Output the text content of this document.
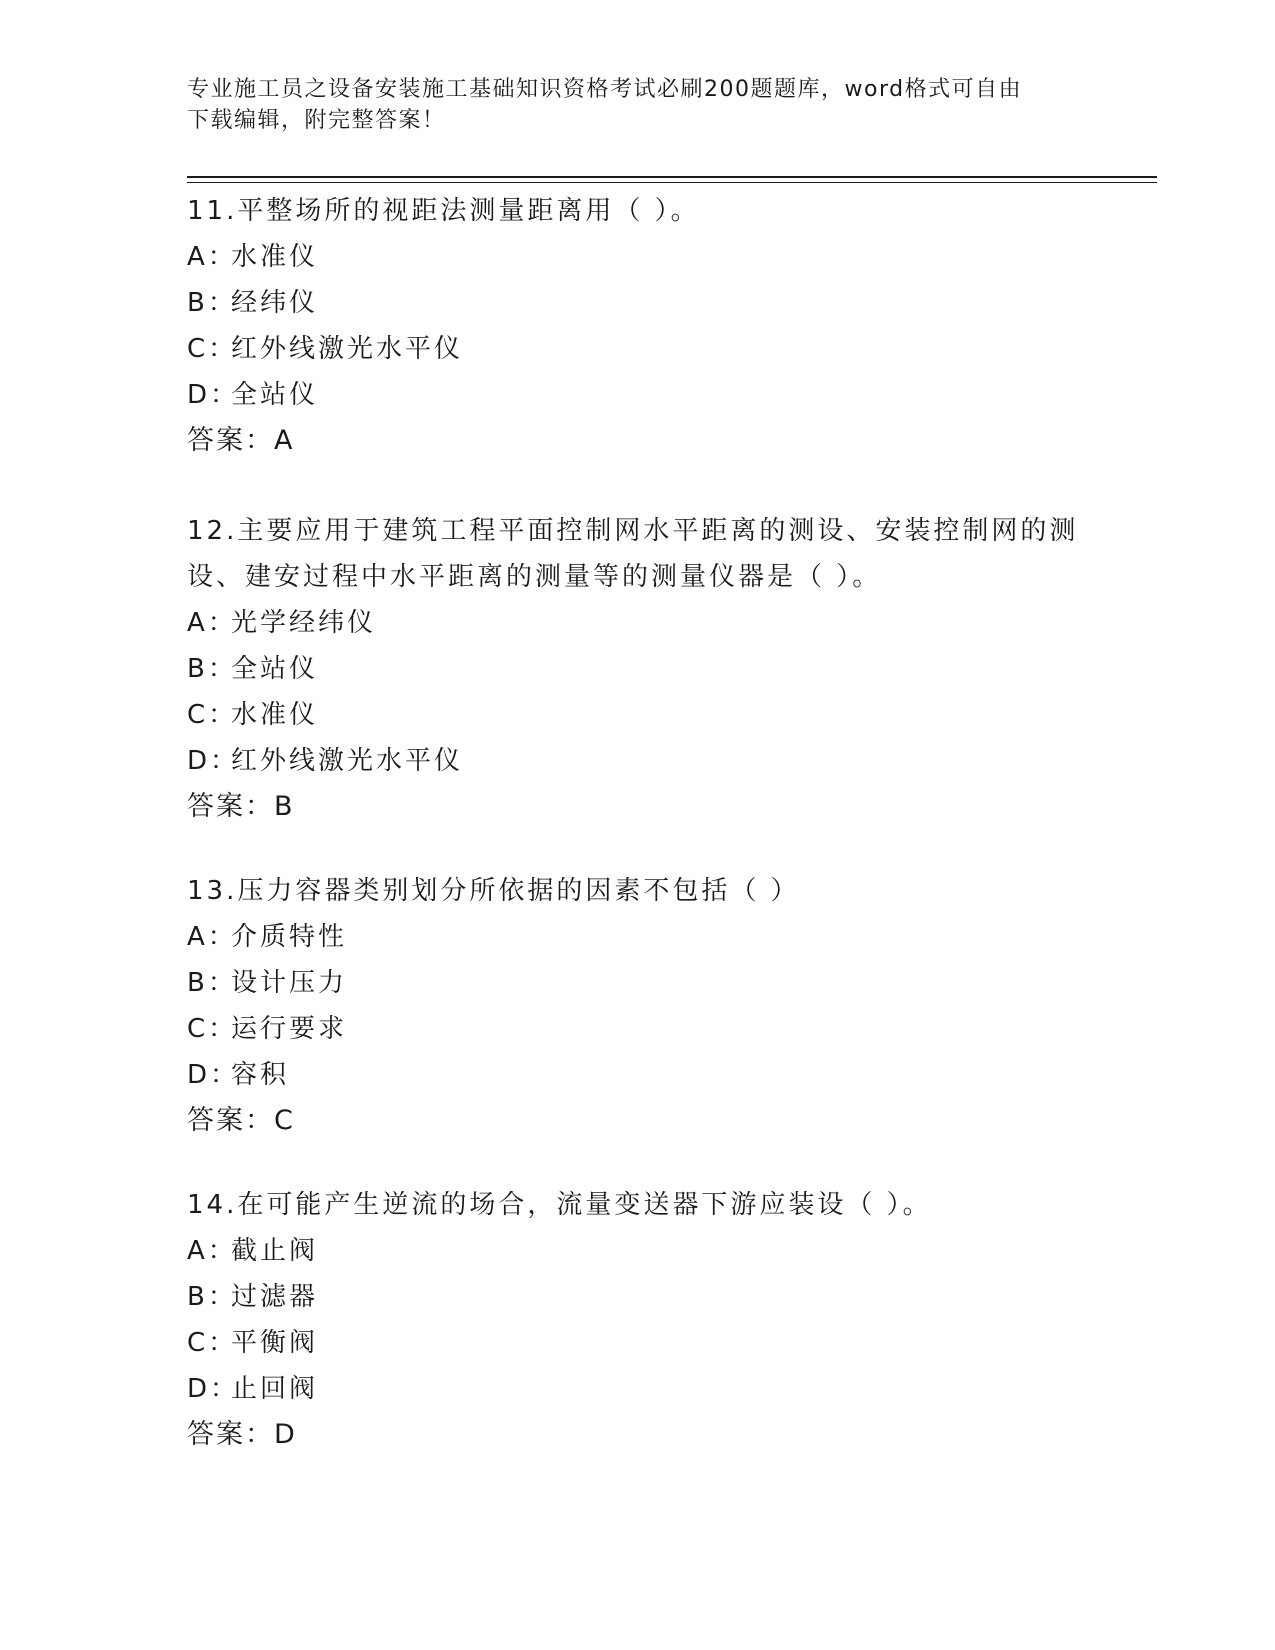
专业施工员之设备安装施工基础知识资格考试必刷200题题库，word格式可自由
下载编辑，附完整答案！

11.平整场所的视距法测量距离用（ ）。

A：水准仪

B：经纬仪

C：红外线激光水平仪

D：全站仪

答案：A

12.主要应用于建筑工程平面控制网水平距离的测设、安装控制网的测设、建安过程中水平距离的测量等的测量仪器是（ ）。

A：光学经纬仪

B：全站仪

C：水准仪

D：红外线激光水平仪

答案：B

13.压力容器类别划分所依据的因素不包括（ ）

A：介质特性

B：设计压力

C：运行要求

D：容积

答案：C

14.在可能产生逆流的场合，流量变送器下游应装设（ ）。

A：截止阀

B：过滤器

C：平衡阀

D：止回阀

答案：D
